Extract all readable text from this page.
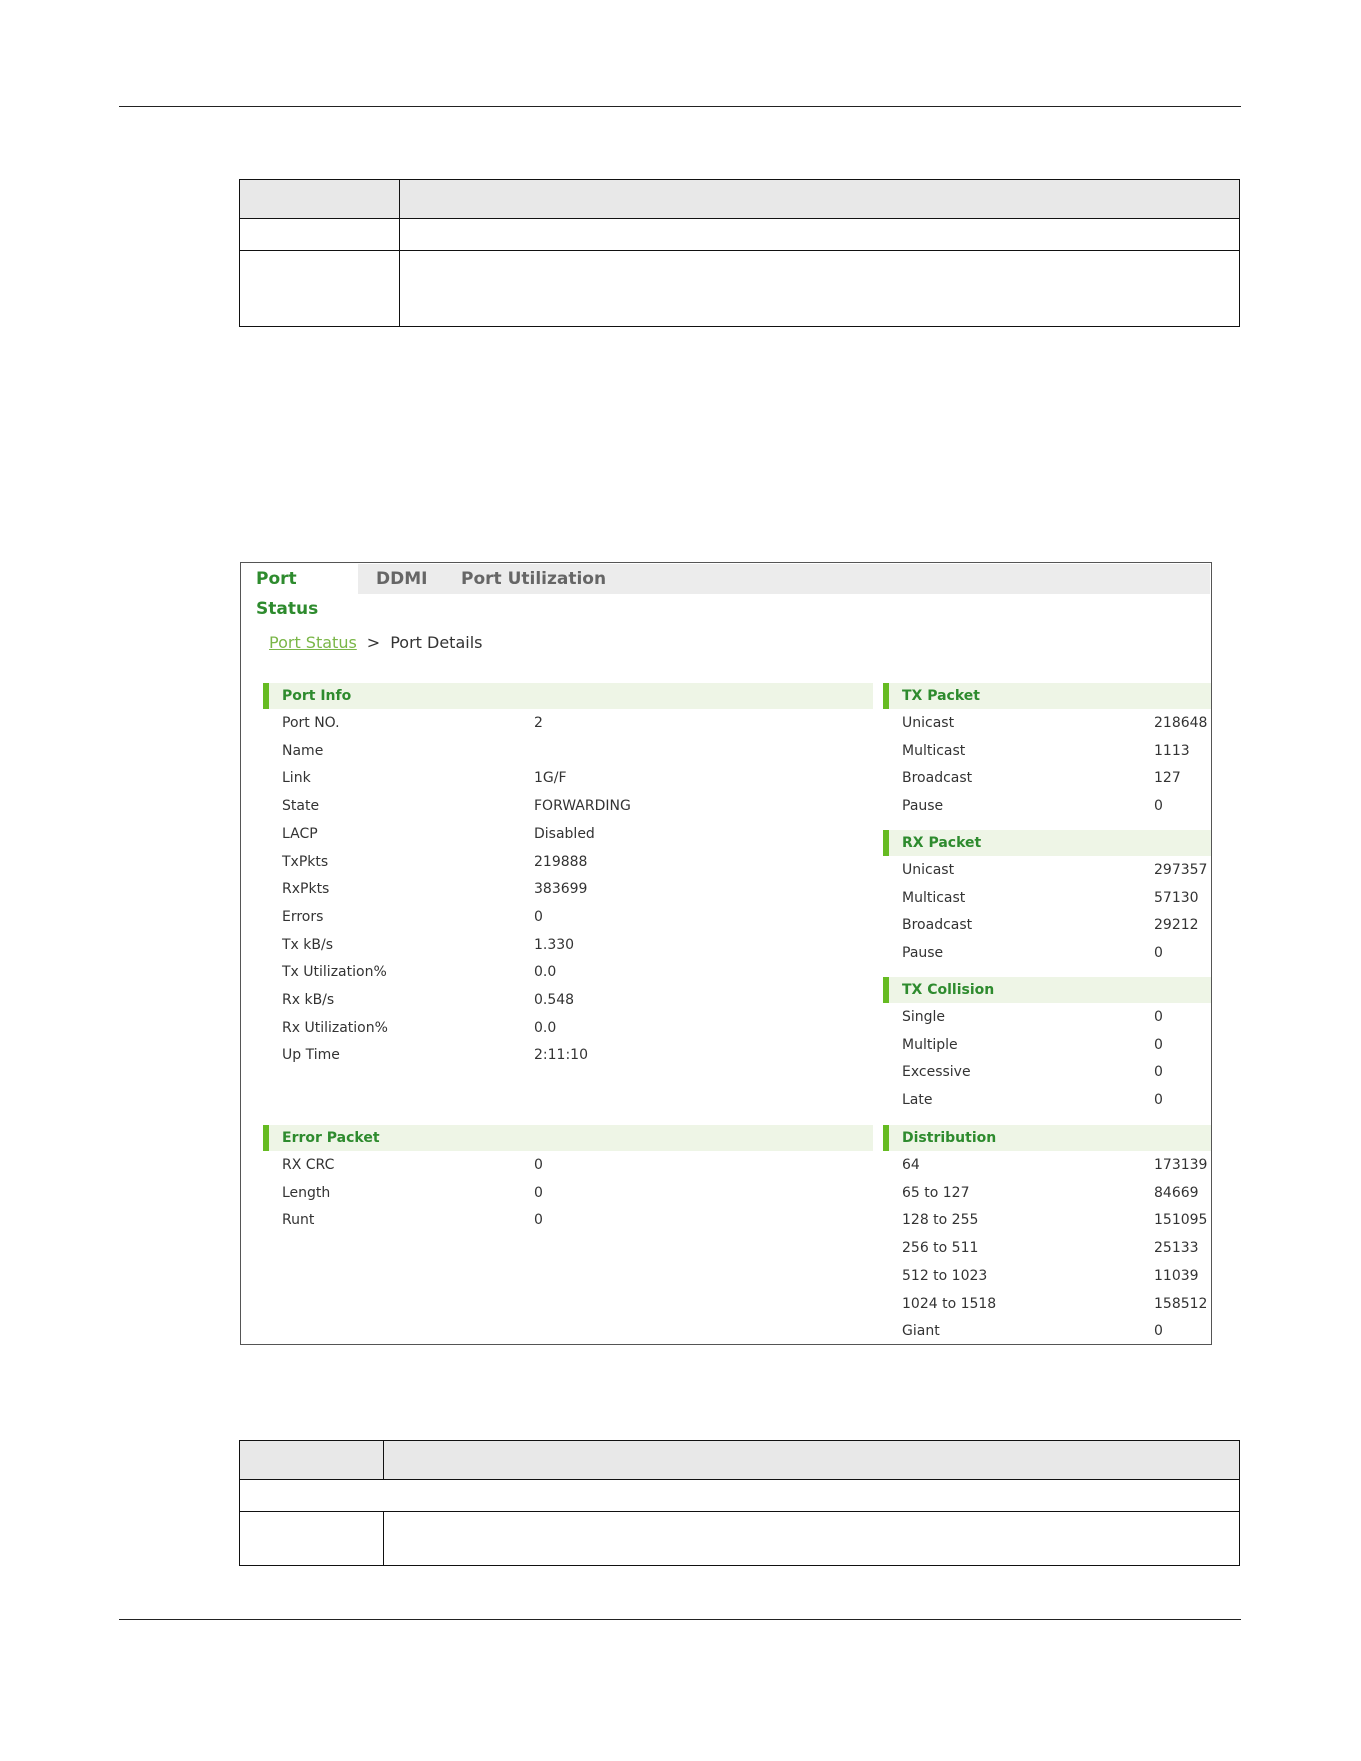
Port Status
DDMI	Port Utilization
Port Status > Port Details
Port Info
Port NO.	2
Name
Link	1G/F
State	FORWARDING
LACP	Disabled
TxPkts	219888
RxPkts	383699
Errors	0
Tx kB/s	1.330
Tx Utilization%	0.0
Rx kB/s	0.548
Rx Utilization%	0.0
Up Time	2:11:10
Error Packet
RX CRC	0
Length	0
Runt	0
TX Packet
Unicast	218648
Multicast	1113
Broadcast	127
Pause	0
RX Packet
Unicast	297357
Multicast	57130
Broadcast	29212
Pause	0
TX Collision
Single	0
Multiple	0
Excessive	0
Late	0
Distribution
64	173139
65 to 127	84669
128 to 255	151095
256 to 511	25133
512 to 1023	11039
1024 to 1518	158512
Giant	0
